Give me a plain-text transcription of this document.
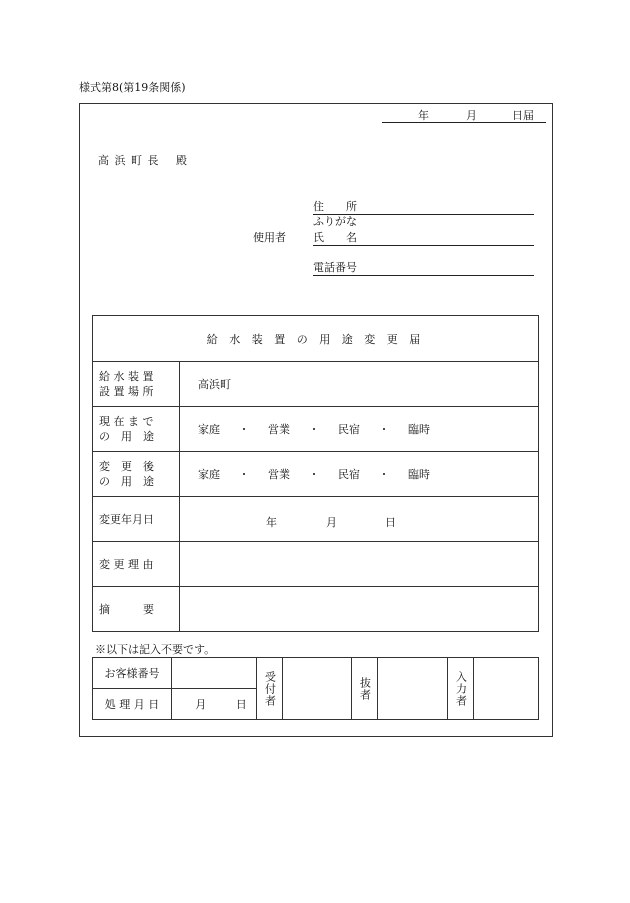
様式第8(第19条関係)
年	月	日届
高 浜 町 長　 殿
使用者
住　　所
ふりがな
氏　　名
電話番号
給 水 装 置 の 用 途 変 更 届	

給 水 装 置
設 置 場 所	高浜町

現 在 ま で
の　用　途	家庭 ・ 営業 ・ 民宿 ・ 臨時

変　更　後
の　用　途	家庭 ・ 営業 ・ 民宿 ・ 臨時
変更年月日	年 月 日

変 更 理 由	
摘　　　要	
※以下は記入不要です。
お客様番号		受付者		抜者		入力者	

処 理 月 日	月 日						
